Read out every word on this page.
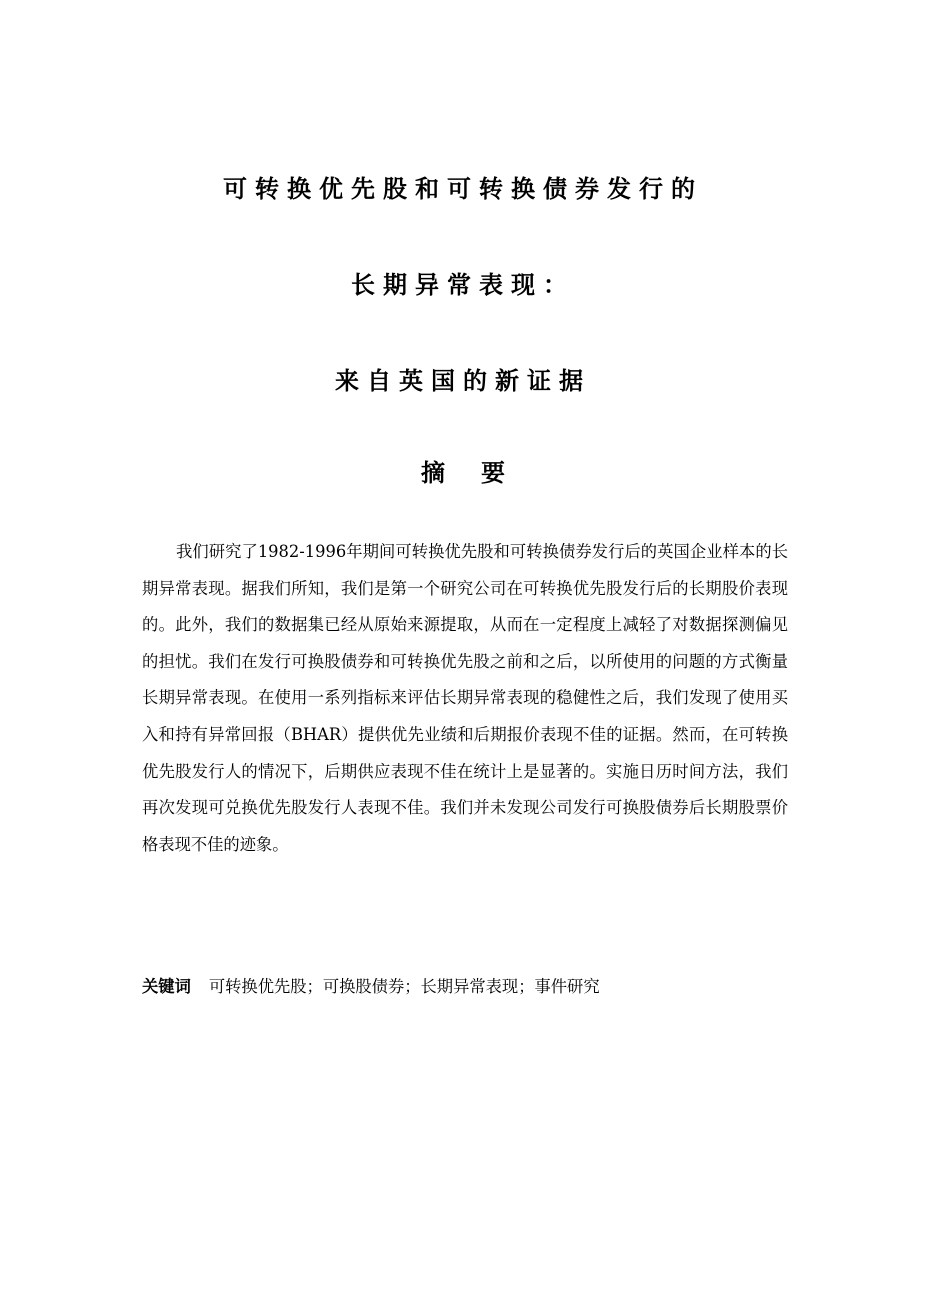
可转换优先股和可转换债券发行的
长期异常表现：
来自英国的新证据
摘 要
我们研究了1982-1996年期间可转换优先股和可转换债券发行后的英国企业样本的长期异常表现。据我们所知，我们是第一个研究公司在可转换优先股发行后的长期股价表现的。此外，我们的数据集已经从原始来源提取，从而在一定程度上减轻了对数据探测偏见的担忧。我们在发行可换股债券和可转换优先股之前和之后，以所使用的问题的方式衡量长期异常表现。在使用一系列指标来评估长期异常表现的稳健性之后，我们发现了使用买入和持有异常回报（BHAR）提供优先业绩和后期报价表现不佳的证据。然而，在可转换优先股发行人的情况下，后期供应表现不佳在统计上是显著的。实施日历时间方法，我们再次发现可兑换优先股发行人表现不佳。我们并未发现公司发行可换股债券后长期股票价格表现不佳的迹象。
关键词 可转换优先股；可换股债券；长期异常表现；事件研究
